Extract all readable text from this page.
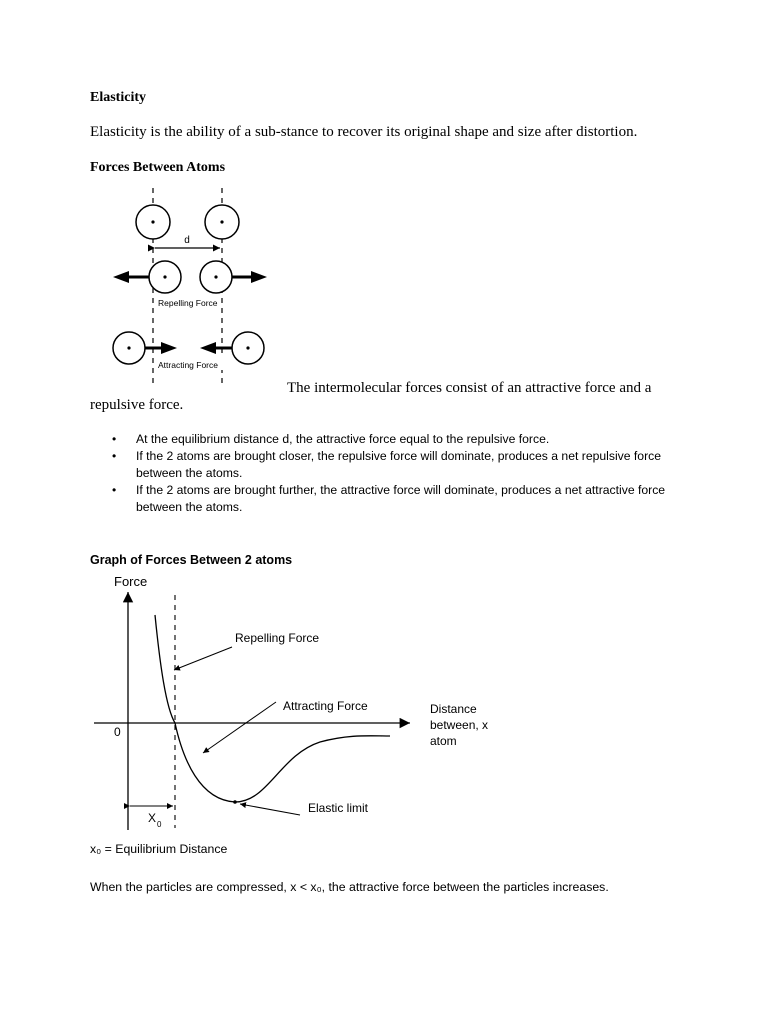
Elasticity
Elasticity is the ability of a sub-stance to recover its original shape and size after distortion.
Forces Between Atoms
d
Repelling Force
Attracting Force
The intermolecular forces consist of an attractive force and a
repulsive force.
• At the equilibrium distance d, the attractive force equal to the repulsive force.
• If the 2 atoms are brought closer, the repulsive force will dominate, produces a net repulsive force between the atoms.
• If the 2 atoms are brought further, the attractive force will dominate, produces a net attractive force between the atoms.
Graph of Forces Between 2 atoms
Force
0
Distance
between, x
atom
Repelling Force
Attracting Force
Elastic limit
X 0
x₀ = Equilibrium Distance
When the particles are compressed, x < x₀, the attractive force between the particles increases.
